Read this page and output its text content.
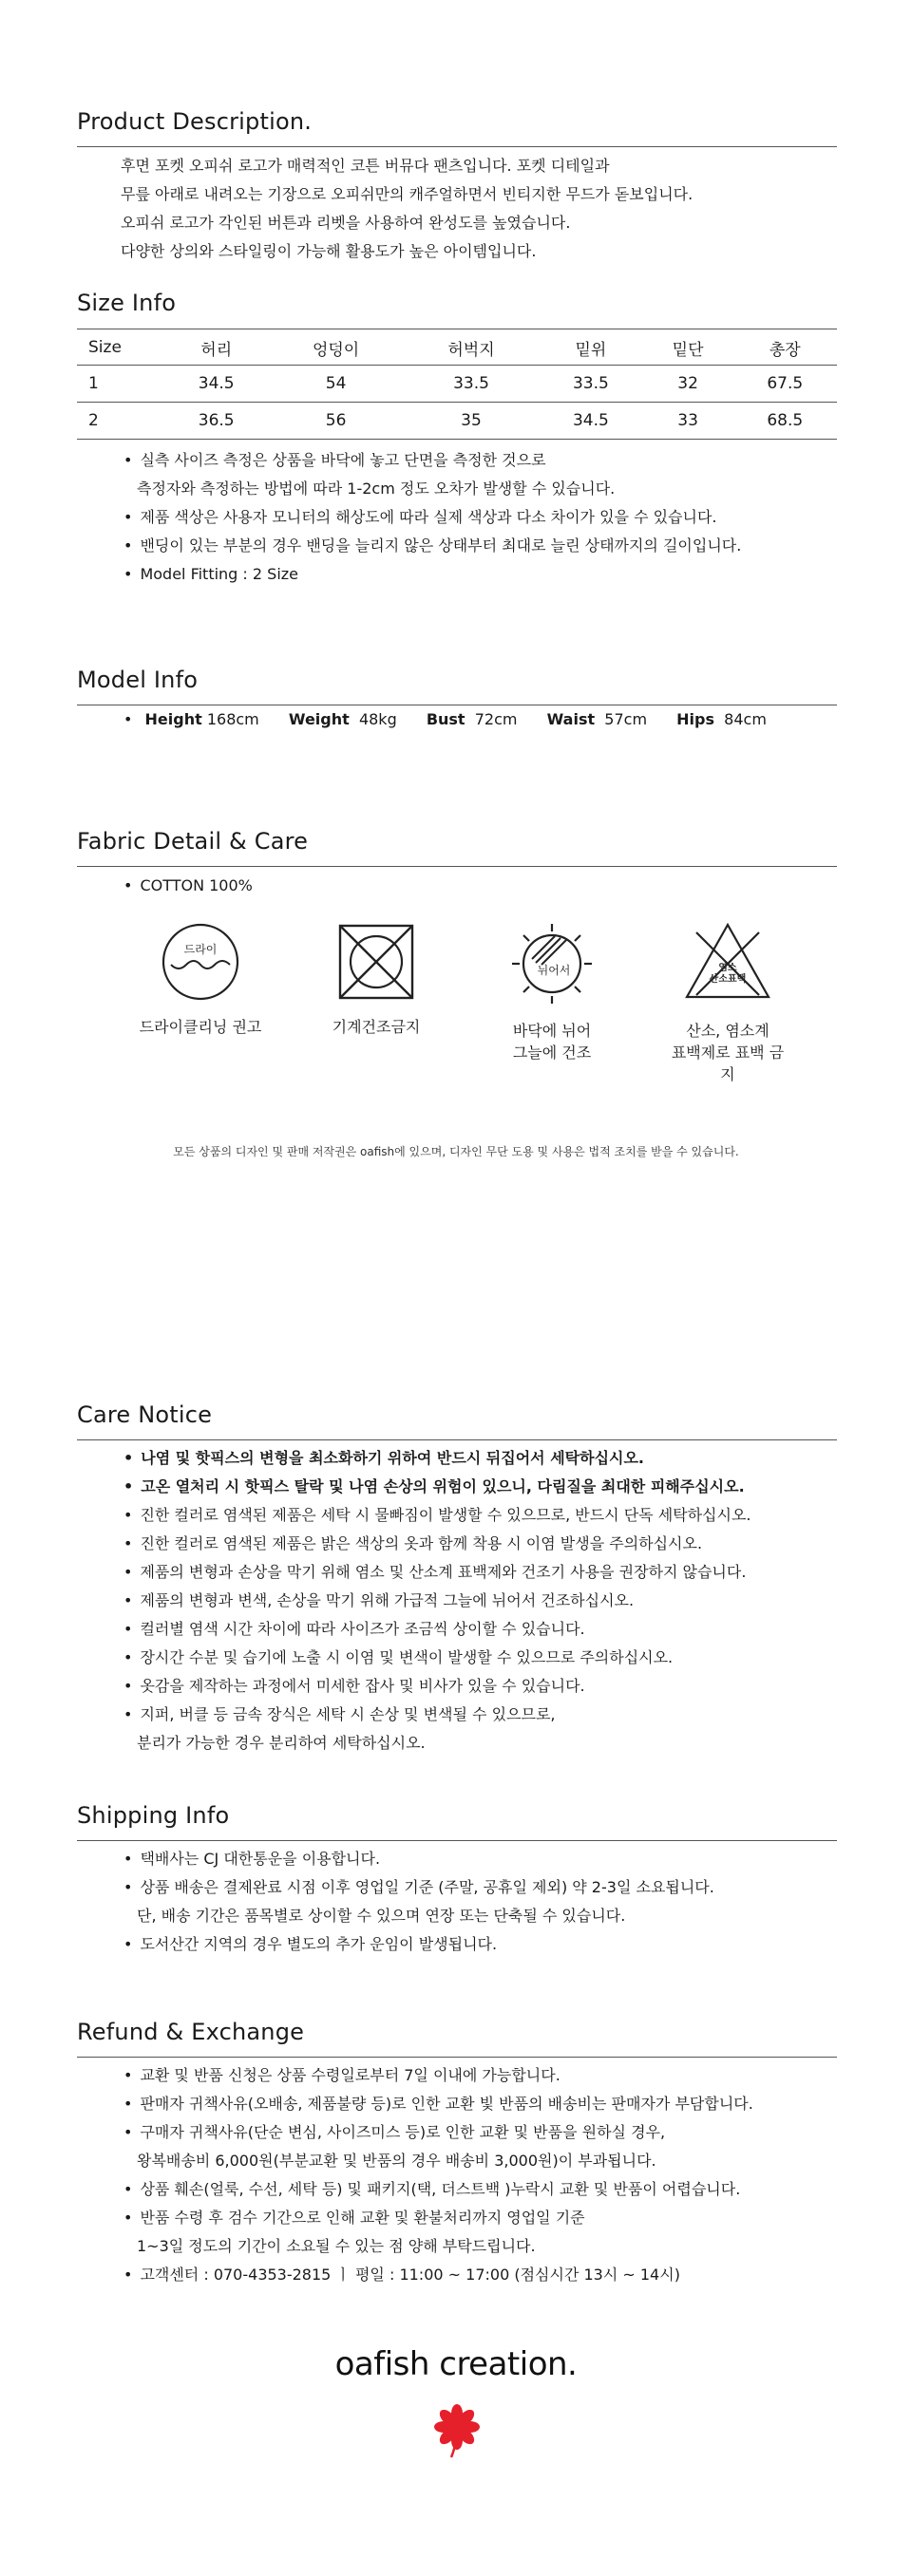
Product Description.
후면 포켓 오피쉬 로고가 매력적인 코튼 버뮤다 팬츠입니다. 포켓 디테일과
무릎 아래로 내려오는 기장으로 오피쉬만의 캐주얼하면서 빈티지한 무드가 돋보입니다.
오피쉬 로고가 각인된 버튼과 리벳을 사용하여 완성도를 높였습니다.
다양한 상의와 스타일링이 가능해 활용도가 높은 아이템입니다.
Size Info
Size	허리	엉덩이	허벅지	밑위	밑단	총장
1	34.5	54	33.5	33.5	32	67.5
2	36.5	56	35	34.5	33	68.5
• 실측 사이즈 측정은 상품을 바닥에 놓고 단면을 측정한 것으로
측정자와 측정하는 방법에 따라 1-2cm 정도 오차가 발생할 수 있습니다.
• 제품 색상은 사용자 모니터의 해상도에 따라 실제 색상과 다소 차이가 있을 수 있습니다.
• 밴딩이 있는 부분의 경우 밴딩을 늘리지 않은 상태부터 최대로 늘린 상태까지의 길이입니다.
• Model Fitting : 2 Size
Model Info
• Height 168cm Weight 48kg Bust 72cm Waist 57cm Hips 84cm
Fabric Detail & Care
• COTTON 100%
드라이
드라이클리닝 권고	기계건조금지
뉘어서
바닥에 뉘어
그늘에 건조
염소
산소표백
산소, 염소계
표백제로 표백 금지
모든 상품의 디자인 및 판매 저작권은 oafish에 있으며, 디자인 무단 도용 및 사용은 법적 조치를 받을 수 있습니다.
Care Notice
• 나염 및 핫픽스의 변형을 최소화하기 위하여 반드시 뒤집어서 세탁하십시오.
• 고온 열처리 시 핫픽스 탈락 및 나염 손상의 위험이 있으니, 다림질을 최대한 피해주십시오.
• 진한 컬러로 염색된 제품은 세탁 시 물빠짐이 발생할 수 있으므로, 반드시 단독 세탁하십시오.
• 진한 컬러로 염색된 제품은 밝은 색상의 옷과 함께 착용 시 이염 발생을 주의하십시오.
• 제품의 변형과 손상을 막기 위해 염소 및 산소계 표백제와 건조기 사용을 권장하지 않습니다.
• 제품의 변형과 변색, 손상을 막기 위해 가급적 그늘에 뉘어서 건조하십시오.
• 컬러별 염색 시간 차이에 따라 사이즈가 조금씩 상이할 수 있습니다.
• 장시간 수분 및 습기에 노출 시 이염 및 변색이 발생할 수 있으므로 주의하십시오.
• 옷감을 제작하는 과정에서 미세한 잡사 및 비사가 있을 수 있습니다.
• 지퍼, 버클 등 금속 장식은 세탁 시 손상 및 변색될 수 있으므로,
분리가 가능한 경우 분리하여 세탁하십시오.
Shipping Info
• 택배사는 CJ 대한통운을 이용합니다.
• 상품 배송은 결제완료 시점 이후 영업일 기준 (주말, 공휴일 제외) 약 2-3일 소요됩니다.
단, 배송 기간은 품목별로 상이할 수 있으며 연장 또는 단축될 수 있습니다.
• 도서산간 지역의 경우 별도의 추가 운임이 발생됩니다.
Refund & Exchange
• 교환 및 반품 신청은 상품 수령일로부터 7일 이내에 가능합니다.
• 판매자 귀책사유(오배송, 제품불량 등)로 인한 교환 빛 반품의 배송비는 판매자가 부담합니다.
• 구매자 귀책사유(단순 변심, 사이즈미스 등)로 인한 교환 및 반품을 원하실 경우,
왕복배송비 6,000원(부분교환 및 반품의 경우 배송비 3,000원)이 부과됩니다.
• 상품 훼손(얼룩, 수선, 세탁 등) 및 패키지(택, 더스트백 )누락시 교환 및 반품이 어렵습니다.
• 반품 수령 후 검수 기간으로 인해 교환 및 환불처리까지 영업일 기준
1~3일 정도의 기간이 소요될 수 있는 점 양해 부탁드립니다.
• 고객센터 : 070-4353-2815 ㅣ 평일 : 11:00 ~ 17:00 (점심시간 13시 ~ 14시)
oafish creation.
